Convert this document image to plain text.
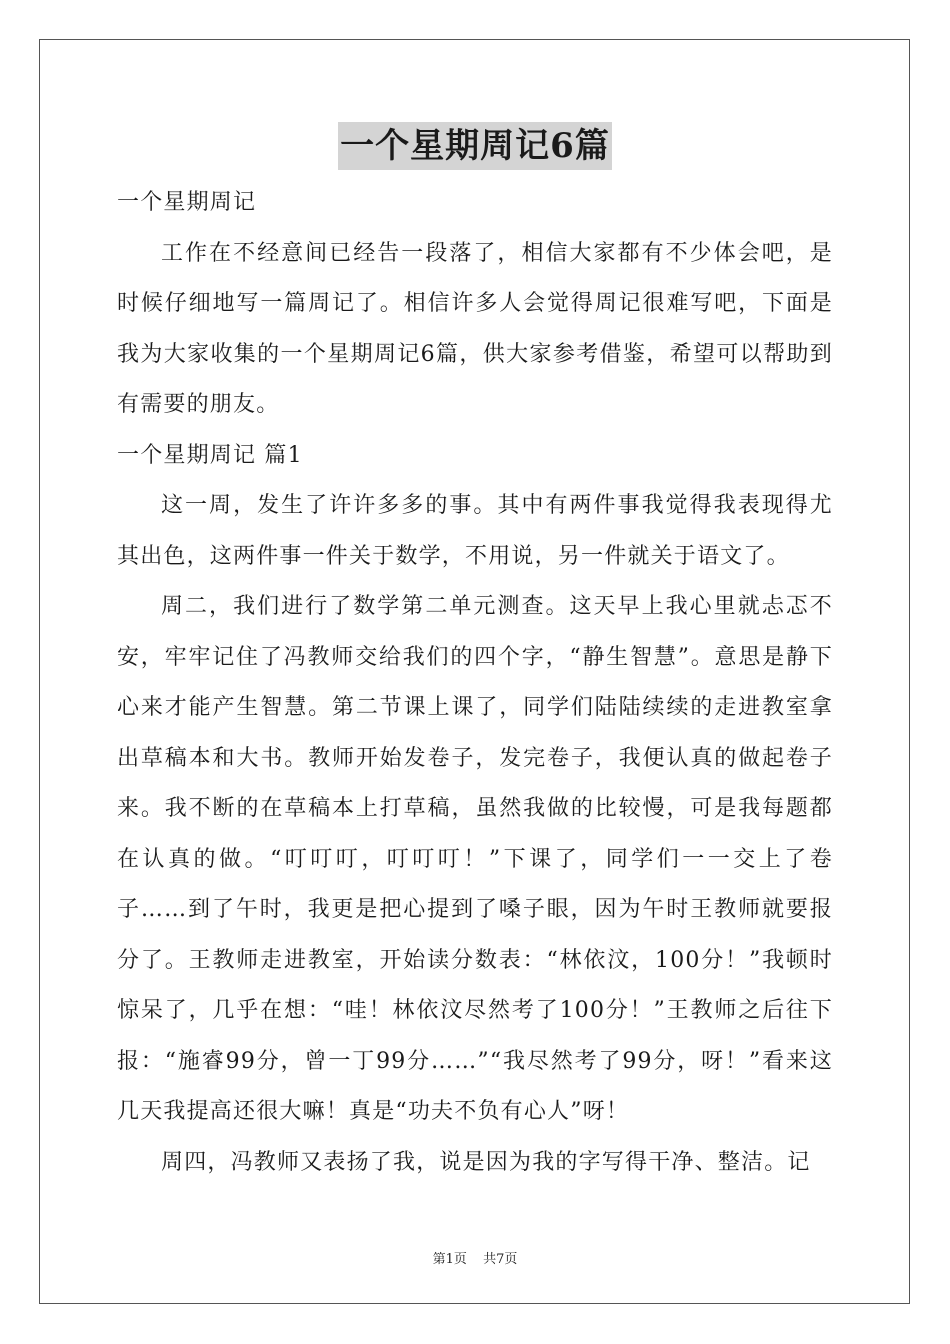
一个星期周记6篇

一个星期周记

工作在不经意间已经告一段落了，相信大家都有不少体会吧，是时候仔细地写一篇周记了。相信许多人会觉得周记很难写吧，下面是我为大家收集的一个星期周记6篇，供大家参考借鉴，希望可以帮助到有需要的朋友。

一个星期周记 篇1

这一周，发生了许许多多的事。其中有两件事我觉得我表现得尤其出色，这两件事一件关于数学，不用说，另一件就关于语文了。

周二，我们进行了数学第二单元测查。这天早上我心里就忐忑不安，牢牢记住了冯教师交给我们的四个字，“静生智慧”。意思是静下心来才能产生智慧。第二节课上课了，同学们陆陆续续的走进教室拿出草稿本和大书。教师开始发卷子，发完卷子，我便认真的做起卷子来。我不断的在草稿本上打草稿，虽然我做的比较慢，可是我每题都在认真的做。“叮叮叮，叮叮叮！”下课了，同学们一一交上了卷子……到了午时，我更是把心提到了嗓子眼，因为午时王教师就要报分了。王教师走进教室，开始读分数表：“林依汶，100分！”我顿时惊呆了，几乎在想：“哇！林依汶尽然考了100分！”王教师之后往下报：“施睿99分，曾一丁99分……”“我尽然考了99分，呀！”看来这几天我提高还很大嘛！真是“功夫不负有心人”呀！

周四，冯教师又表扬了我，说是因为我的字写得干净、整洁。记

第1页 共7页
